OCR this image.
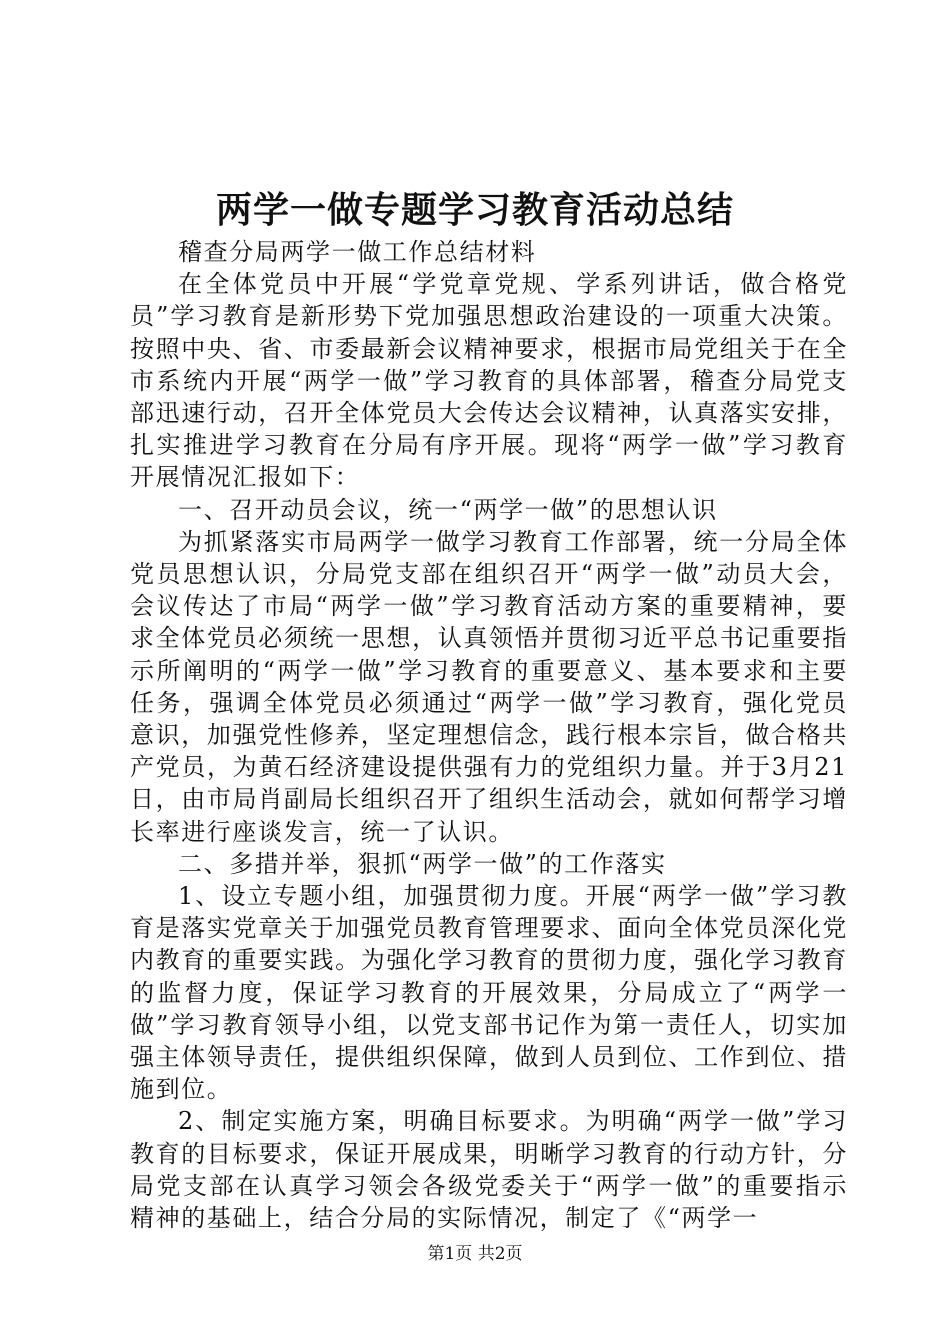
两学一做专题学习教育活动总结

稽查分局两学一做工作总结材料

在全体党员中开展“学党章党规、学系列讲话，做合格党员”学习教育是新形势下党加强思想政治建设的一项重大决策。按照中央、省、市委最新会议精神要求，根据市局党组关于在全市系统内开展“两学一做”学习教育的具体部署，稽查分局党支部迅速行动，召开全体党员大会传达会议精神，认真落实安排，扎实推进学习教育在分局有序开展。现将“两学一做”学习教育开展情况汇报如下：

一、召开动员会议，统一“两学一做”的思想认识

为抓紧落实市局两学一做学习教育工作部署，统一分局全体党员思想认识，分局党支部在组织召开“两学一做”动员大会，会议传达了市局“两学一做”学习教育活动方案的重要精神，要求全体党员必须统一思想，认真领悟并贯彻习近平总书记重要指示所阐明的“两学一做”学习教育的重要意义、基本要求和主要任务，强调全体党员必须通过“两学一做”学习教育，强化党员意识，加强党性修养，坚定理想信念，践行根本宗旨，做合格共产党员，为黄石经济建设提供强有力的党组织力量。并于3月21日，由市局肖副局长组织召开了组织生活动会，就如何帮学习增长率进行座谈发言，统一了认识。

二、多措并举，狠抓“两学一做”的工作落实

1、设立专题小组，加强贯彻力度。开展“两学一做”学习教育是落实党章关于加强党员教育管理要求、面向全体党员深化党内教育的重要实践。为强化学习教育的贯彻力度，强化学习教育的监督力度，保证学习教育的开展效果，分局成立了“两学一做”学习教育领导小组，以党支部书记作为第一责任人，切实加强主体领导责任，提供组织保障，做到人员到位、工作到位、措施到位。

2、制定实施方案，明确目标要求。为明确“两学一做”学习教育的目标要求，保证开展成果，明晰学习教育的行动方针，分局党支部在认真学习领会各级党委关于“两学一做”的重要指示精神的基础上，结合分局的实际情况，制定了《“两学一

第1页 共2页
